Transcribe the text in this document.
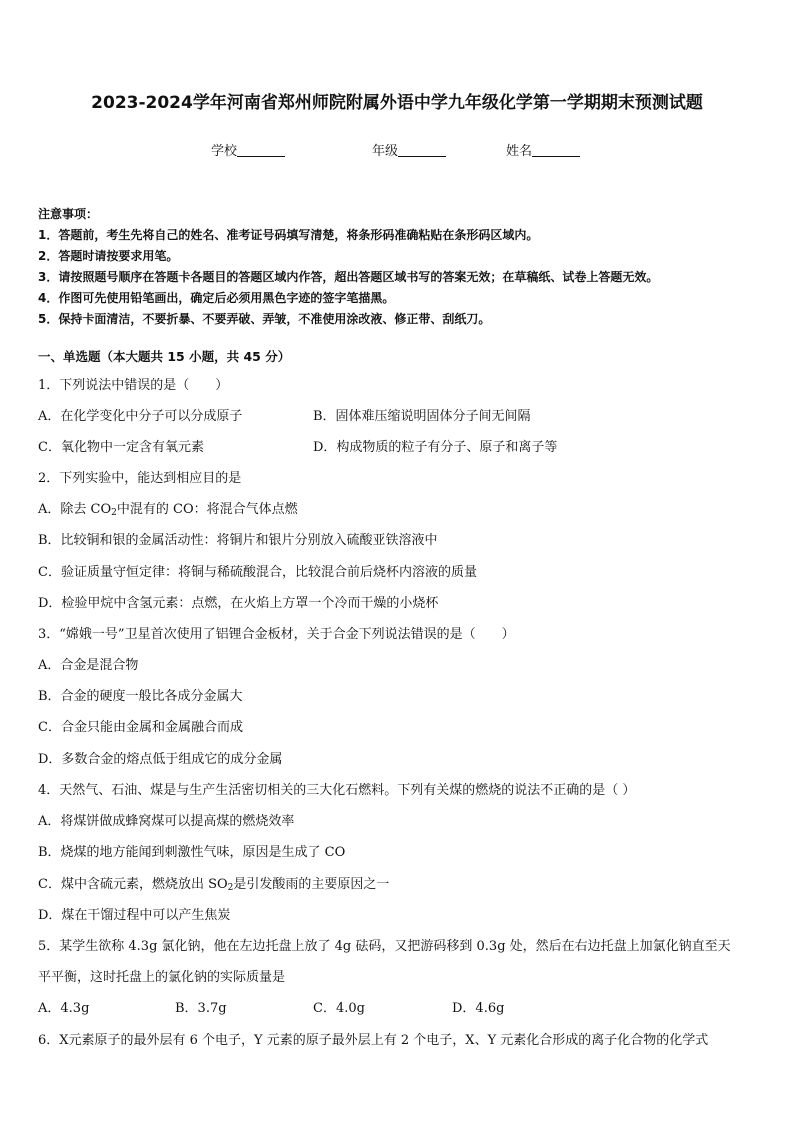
2023-2024学年河南省郑州师院附属外语中学九年级化学第一学期期末预测试题
学校	年级	姓名
注意事项：
1．答题前，考生先将自己的姓名、准考证号码填写清楚，将条形码准确粘贴在条形码区域内。
2．答题时请按要求用笔。
3．请按照题号顺序在答题卡各题目的答题区域内作答，超出答题区域书写的答案无效；在草稿纸、试卷上答题无效。
4．作图可先使用铅笔画出，确定后必须用黑色字迹的签字笔描黑。
5．保持卡面清洁，不要折暴、不要弄破、弄皱，不准使用涂改液、修正带、刮纸刀。
一、单选题（本大题共 15 小题，共 45 分）
1．下列说法中错误的是（　　）
A．在化学变化中分子可以分成原子	B．固体难压缩说明固体分子间无间隔
C．氧化物中一定含有氧元素	D．构成物质的粒子有分子、原子和离子等
2．下列实验中，能达到相应目的是
A．除去 $CO_2$中混有的 CO：将混合气体点燃
B．比较铜和银的金属活动性：将铜片和银片分别放入硫酸亚铁溶液中
C．验证质量守恒定律：将铜与稀硫酸混合，比较混合前后烧杯内溶液的质量
D．检验甲烷中含氢元素：点燃，在火焰上方罩一个冷而干燥的小烧杯
3．“嫦娥一号”卫星首次使用了铝锂合金板材，关于合金下列说法错误的是（　　）
A．合金是混合物
B．合金的硬度一般比各成分金属大
C．合金只能由金属和金属融合而成
D．多数合金的熔点低于组成它的成分金属
4．天然气、石油、煤是与生产生活密切相关的三大化石燃料。下列有关煤的燃烧的说法不正确的是（ ）
A．将煤饼做成蜂窝煤可以提高煤的燃烧效率
B．烧煤的地方能闻到刺激性气味，原因是生成了 CO
C．煤中含硫元素，燃烧放出 $SO_2$是引发酸雨的主要原因之一
D．煤在干馏过程中可以产生焦炭
5．某学生欲称 4.3g 氯化钠，他在左边托盘上放了 4g 砝码，又把游码移到 0.3g 处，然后在右边托盘上加氯化钠直至天
平平衡，这时托盘上的氯化钠的实际质量是
A．4.3g	B．3.7g	C．4.0g	D．4.6g
6．X元素原子的最外层有 6 个电子，Y 元素的原子最外层上有 2 个电子，X、Y 元素化合形成的离子化合物的化学式
